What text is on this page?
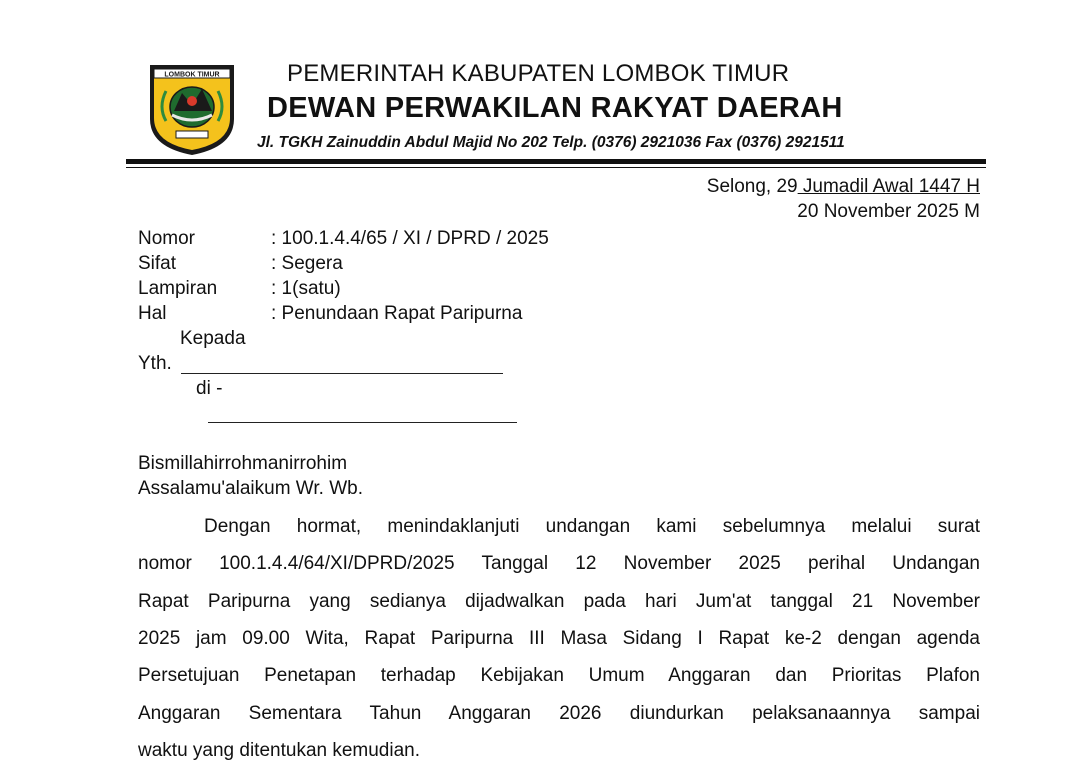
LOMBOK TIMUR	PEMERINTAH KABUPATEN LOMBOK TIMUR
DEWAN PERWAKILAN RAKYAT DAERAH
Jl. TGKH Zainuddin Abdul Majid No 202 Telp. (0376) 2921036 Fax (0376) 2921511
Selong, 29 Jumadil Awal 1447 H
20 November 2025 M
Nomor	: 100.1.4.4/65 / XI / DPRD / 2025
Sifat	: Segera
Lampiran	: 1(satu)
Hal	: Penundaan Rapat Paripurna
Kepada
Yth.
di -
Bismillahirrohmanirrohim
Assalamu'alaikum Wr. Wb.
Dengan hormat, menindaklanjuti undangan kami sebelumnya melalui surat
nomor 100.1.4.4/64/XI/DPRD/2025 Tanggal 12 November 2025 perihal Undangan
Rapat Paripurna yang sedianya dijadwalkan pada hari Jum'at tanggal 21 November
2025 jam 09.00 Wita, Rapat Paripurna III Masa Sidang I Rapat ke-2 dengan agenda
Persetujuan Penetapan terhadap Kebijakan Umum Anggaran dan Prioritas Plafon
Anggaran Sementara Tahun Anggaran 2026 diundurkan pelaksanaannya sampai
waktu yang ditentukan kemudian.
